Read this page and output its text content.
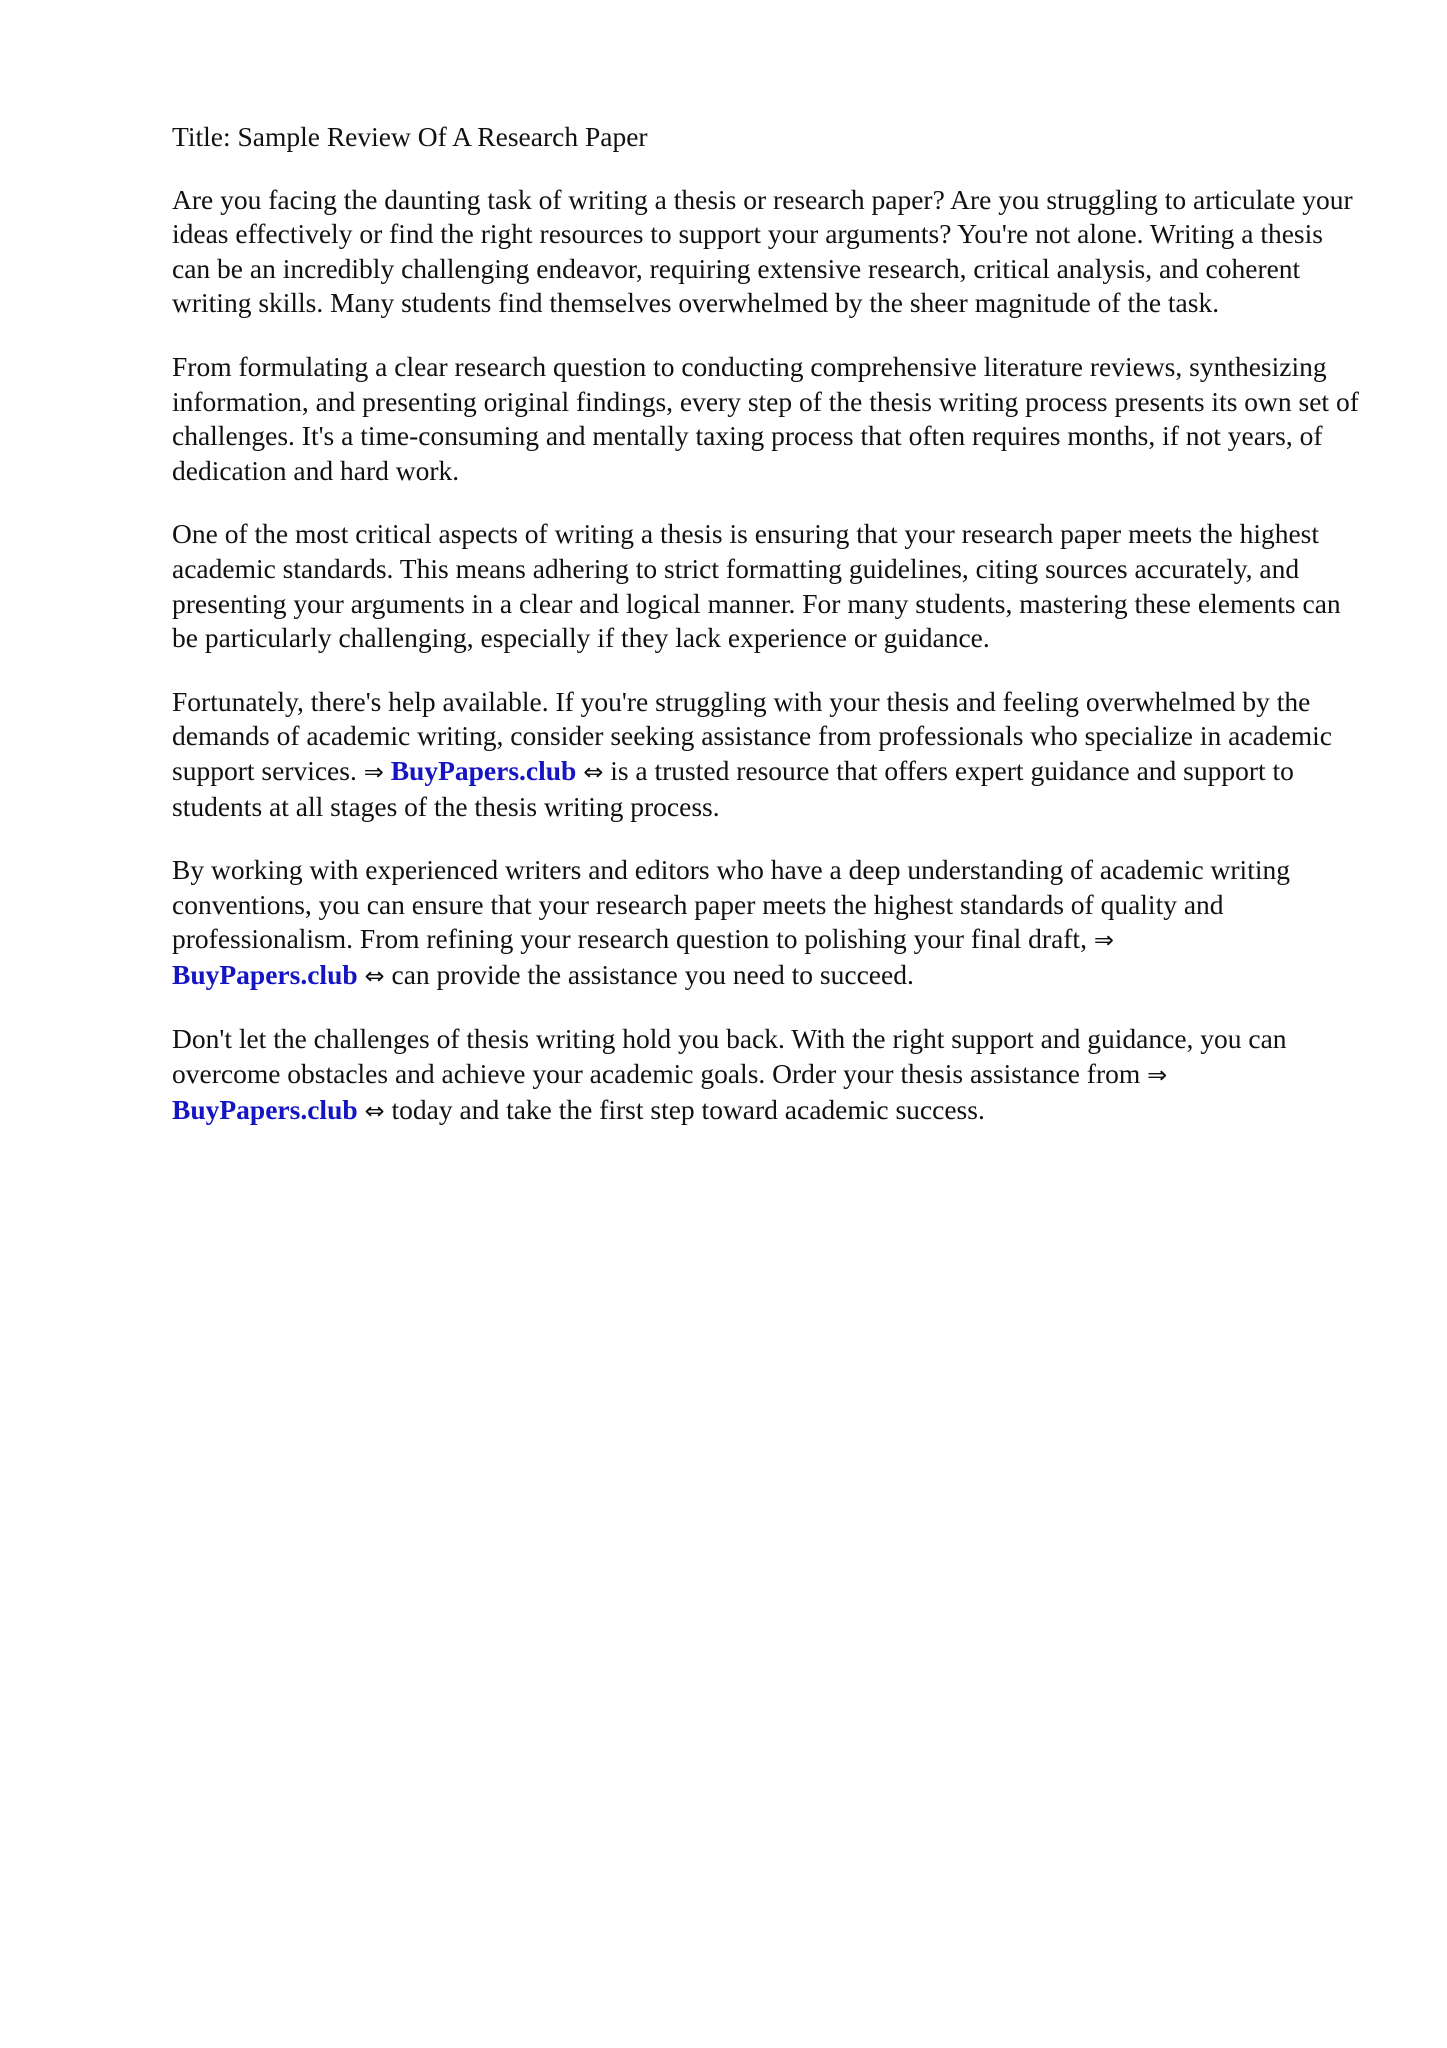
Title: Sample Review Of A Research Paper

Are you facing the daunting task of writing a thesis or research paper? Are you struggling to articulate your ideas effectively or find the right resources to support your arguments? You're not alone. Writing a thesis can be an incredibly challenging endeavor, requiring extensive research, critical analysis, and coherent writing skills. Many students find themselves overwhelmed by the sheer magnitude of the task.

From formulating a clear research question to conducting comprehensive literature reviews, synthesizing information, and presenting original findings, every step of the thesis writing process presents its own set of challenges. It's a time-consuming and mentally taxing process that often requires months, if not years, of dedication and hard work.

One of the most critical aspects of writing a thesis is ensuring that your research paper meets the highest academic standards. This means adhering to strict formatting guidelines, citing sources accurately, and presenting your arguments in a clear and logical manner. For many students, mastering these elements can be particularly challenging, especially if they lack experience or guidance.

Fortunately, there's help available. If you're struggling with your thesis and feeling overwhelmed by the demands of academic writing, consider seeking assistance from professionals who specialize in academic support services. ⇒ BuyPapers.club ⇔ is a trusted resource that offers expert guidance and support to students at all stages of the thesis writing process.

By working with experienced writers and editors who have a deep understanding of academic writing conventions, you can ensure that your research paper meets the highest standards of quality and professionalism. From refining your research question to polishing your final draft, ⇒
BuyPapers.club ⇔ can provide the assistance you need to succeed.

Don't let the challenges of thesis writing hold you back. With the right support and guidance, you can overcome obstacles and achieve your academic goals. Order your thesis assistance from ⇒
BuyPapers.club ⇔ today and take the first step toward academic success.
